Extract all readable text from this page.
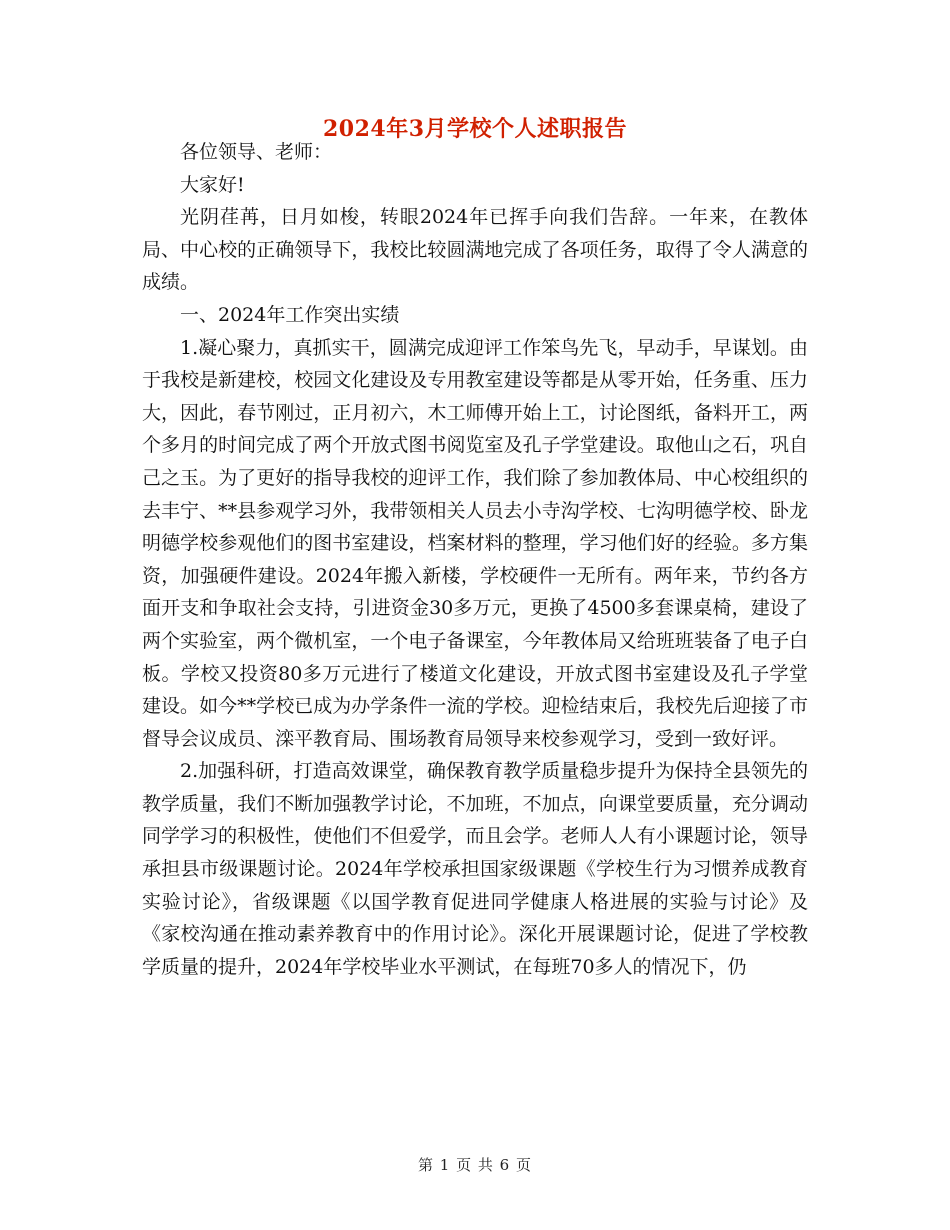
2024年3月学校个人述职报告

各位领导、老师：

大家好!

光阴荏苒，日月如梭，转眼2024年已挥手向我们告辞。一年来，在教体局、中心校的正确领导下，我校比较圆满地完成了各项任务，取得了令人满意的成绩。

一、2024年工作突出实绩

1.凝心聚力，真抓实干，圆满完成迎评工作笨鸟先飞，早动手，早谋划。由于我校是新建校，校园文化建设及专用教室建设等都是从零开始，任务重、压力大，因此，春节刚过，正月初六，木工师傅开始上工，讨论图纸，备料开工，两个多月的时间完成了两个开放式图书阅览室及孔子学堂建设。取他山之石，巩自己之玉。为了更好的指导我校的迎评工作，我们除了参加教体局、中心校组织的去丰宁、**县参观学习外，我带领相关人员去小寺沟学校、七沟明德学校、卧龙明德学校参观他们的图书室建设，档案材料的整理，学习他们好的经验。多方集资，加强硬件建设。2024年搬入新楼，学校硬件一无所有。两年来，节约各方面开支和争取社会支持，引进资金30多万元，更换了4500多套课桌椅，建设了两个实验室，两个微机室，一个电子备课室，今年教体局又给班班装备了电子白板。学校又投资80多万元进行了楼道文化建设，开放式图书室建设及孔子学堂建设。如今**学校已成为办学条件一流的学校。迎检结束后，我校先后迎接了市督导会议成员、滦平教育局、围场教育局领导来校参观学习，受到一致好评。

2.加强科研，打造高效课堂，确保教育教学质量稳步提升为保持全县领先的教学质量，我们不断加强教学讨论，不加班，不加点，向课堂要质量，充分调动同学学习的积极性，使他们不但爱学，而且会学。老师人人有小课题讨论，领导承担县市级课题讨论。2024年学校承担国家级课题《学校生行为习惯养成教育实验讨论》，省级课题《以国学教育促进同学健康人格进展的实验与讨论》及《家校沟通在推动素养教育中的作用讨论》。深化开展课题讨论，促进了学校教学质量的提升，2024年学校毕业水平测试，在每班70多人的情况下，仍

第 1 页 共 6 页
